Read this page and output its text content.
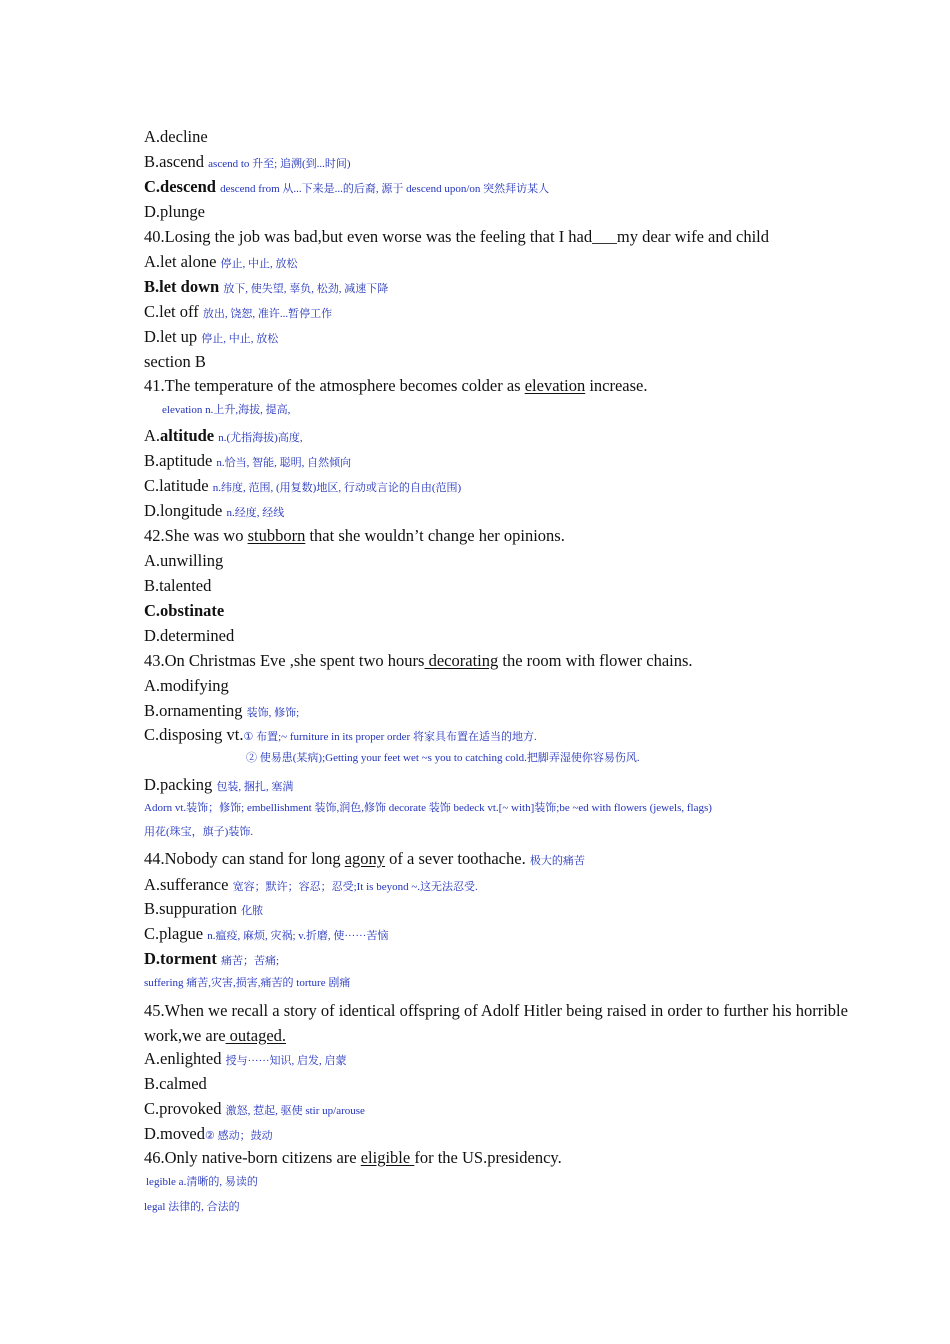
A.decline
B.ascend ascend to 升至; 追溯(到...时间)
C.descend descend from 从...下来是...的后裔, 源于 descend upon/on 突然拜访某人
D.plunge
40.Losing the job was bad,but even worse was the feeling that I had___my dear wife and child
A.let alone 停止, 中止, 放松
B.let down 放下, 使失望, 辜负, 松劲, 减速下降
C.let off 放出, 饶恕, 准许...暂停工作
D.let up 停止, 中止, 放松
section B
41.The temperature of the atmosphere becomes colder as elevation increase.
elevation n.上升,海拔, 提高,
A.altitude n.(尤指海拔)高度,
B.aptitude n.恰当, 智能, 聪明, 自然倾向
C.latitude n.纬度, 范围, (用复数)地区, 行动或言论的自由(范围)
D.longitude n.经度, 经线
42.She was wo stubborn that she wouldn’t change her opinions.
A.unwilling
B.talented
C.obstinate
D.determined
43.On Christmas Eve ,she spent two hours decorating the room with flower chains.
A.modifying
B.ornamenting 装饰, 修饰;
C.disposing vt.① 布置;~ furniture in its proper order 将家具布置在适当的地方.
② 使易患(某病);Getting your feet wet ~s you to catching cold.把脚弄湿使你容易伤风.
D.packing 包装, 捆扎, 塞满
Adorn vt.装饰；修饰; embellishment 装饰,润色,修饰 decorate 装饰 bedeck vt.[~ with]装饰;be ~ed with flowers (jewels, flags)
用花(珠宝，旗子)装饰.
44.Nobody can stand for long agony of a sever toothache. 极大的痛苦
A.sufferance 宽容；默许；容忍；忍受;It is beyond ~.这无法忍受.
B.suppuration 化脓
C.plague n.瘟疫, 麻烦, 灾祸; v.折磨, 使······苦恼
D.torment 痛苦；苦痛;
suffering 痛苦,灾害,损害,痛苦的 torture 剧痛
45.When we recall a story of identical offspring of Adolf Hitler being raised in order to further his horrible work,we are outaged.
A.enlighted 授与······知识, 启发, 启蒙
B.calmed
C.provoked 激怒, 惹起, 驱使 stir up/arouse
D.moved② 感动；鼓动
46.Only native-born citizens are eligible for the US.presidency.
legible a.清晰的, 易读的
legal 法律的, 合法的
